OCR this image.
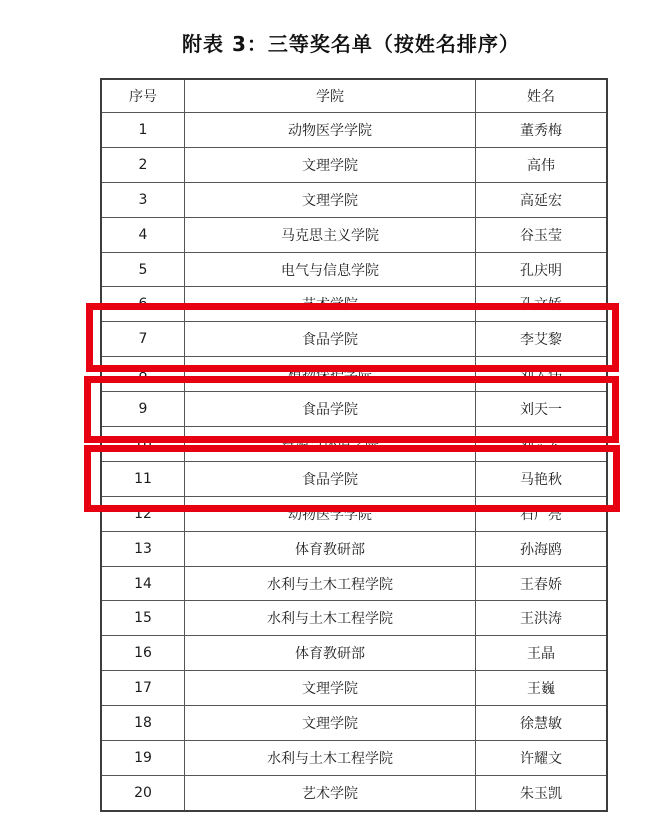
附表 3：三等奖名单（按姓名排序）
序号	学院	姓名
1	动物医学学院	董秀梅
2	文理学院	高伟
3	文理学院	高延宏
4	马克思主义学院	谷玉莹
5	电气与信息学院	孔庆明
6	艺术学院	孔文娇
7	食品学院	李艾黎
8	植物保护学院	刘大伟
9	食品学院	刘天一
10	资源与环境学院	刘志宏
11	食品学院	马艳秋
12	动物医学学院	石广亮
13	体育教研部	孙海鸥
14	水利与土木工程学院	王春娇
15	水利与土木工程学院	王洪涛
16	体育教研部	王晶
17	文理学院	王巍
18	文理学院	徐慧敏
19	水利与土木工程学院	许耀文
20	艺术学院	朱玉凯
